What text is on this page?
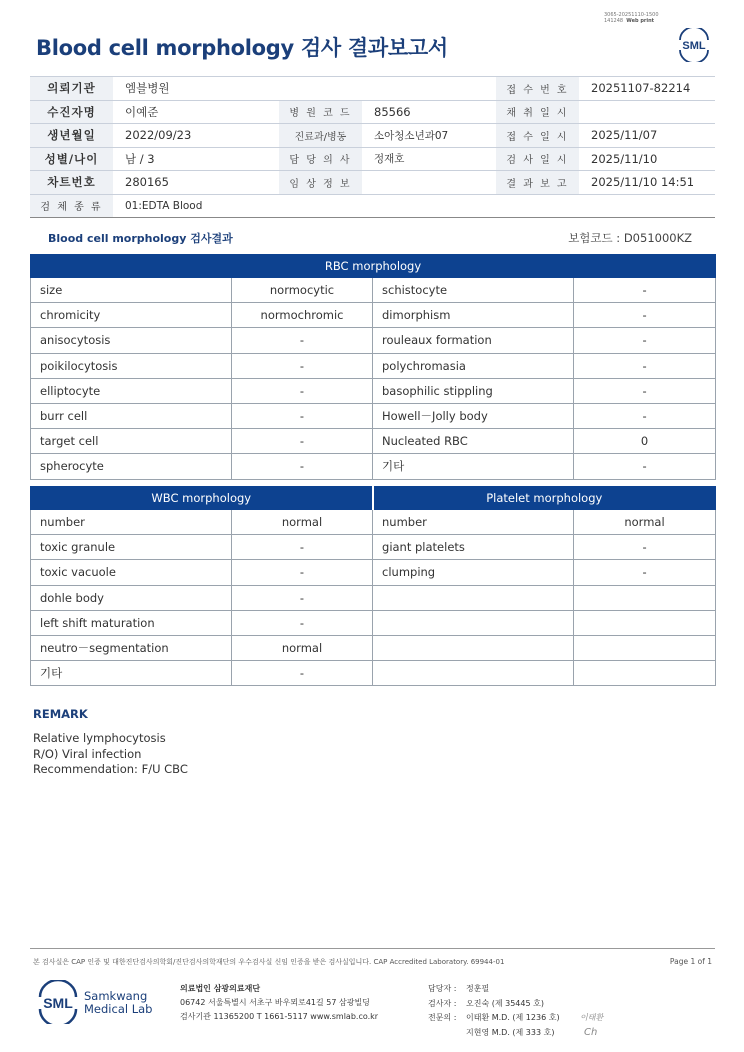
3065-20251110-1500
141248 Web print
Blood cell morphology 검사 결과보고서	SML
의뢰기관	엠블병원			접 수 번 호	20251107-82214
수진자명	이예준	병 원 코 드	85566	채 취 일 시	
생년월일	2022/09/23	진료과/병동	소아청소년과07	접 수 일 시	2025/11/07
성별/나이	남 / 3	담 당 의 사	정재호	검 사 일 시	2025/11/10
차트번호	280165	임 상 정 보		결 과 보 고	2025/11/10 14:51
검 체 종 류	01:EDTA Blood				
Blood cell morphology 검사결과	보험코드 : D051000KZ
RBC morphology			
size	normocytic	schistocyte	-
chromicity	normochromic	dimorphism	-
anisocytosis	-	rouleaux formation	-
poikilocytosis	-	polychromasia	-
elliptocyte	-	basophilic stippling	-
burr cell	-	Howell－Jolly body	-
target cell	-	Nucleated RBC	0
spherocyte	-	기타	-
WBC morphology		Platelet morphology	
number	normal	number	normal
toxic granule	-	giant platelets	-
toxic vacuole	-	clumping	-
dohle body	-		
left shift maturation	-		
neutro－segmentation	normal		
기타	-		
REMARK
Relative lymphocytosis
R/O) Viral infection
Recommendation: F/U CBC
본 검사실은 CAP 인증 및 대한진단검사의학회/진단검사의학재단의 우수검사실 신임 인증을 받은 검사실입니다. CAP Accredited Laboratory. 69944-01	Page 1 of 1
SML Samkwang
Medical Lab
의료법인 삼광의료재단
06742 서울특별시 서초구 바우뫼로41길 57 삼광빌딩
검사기관 11365200 T 1661-5117 www.smlab.co.kr
담당자 : 정훈필
검사자 : 오진숙 (제 35445 호)
전문의 : 이태환 M.D. (제 1236 호)
지현영 M.D. (제 333 호)
이태환
Ch
